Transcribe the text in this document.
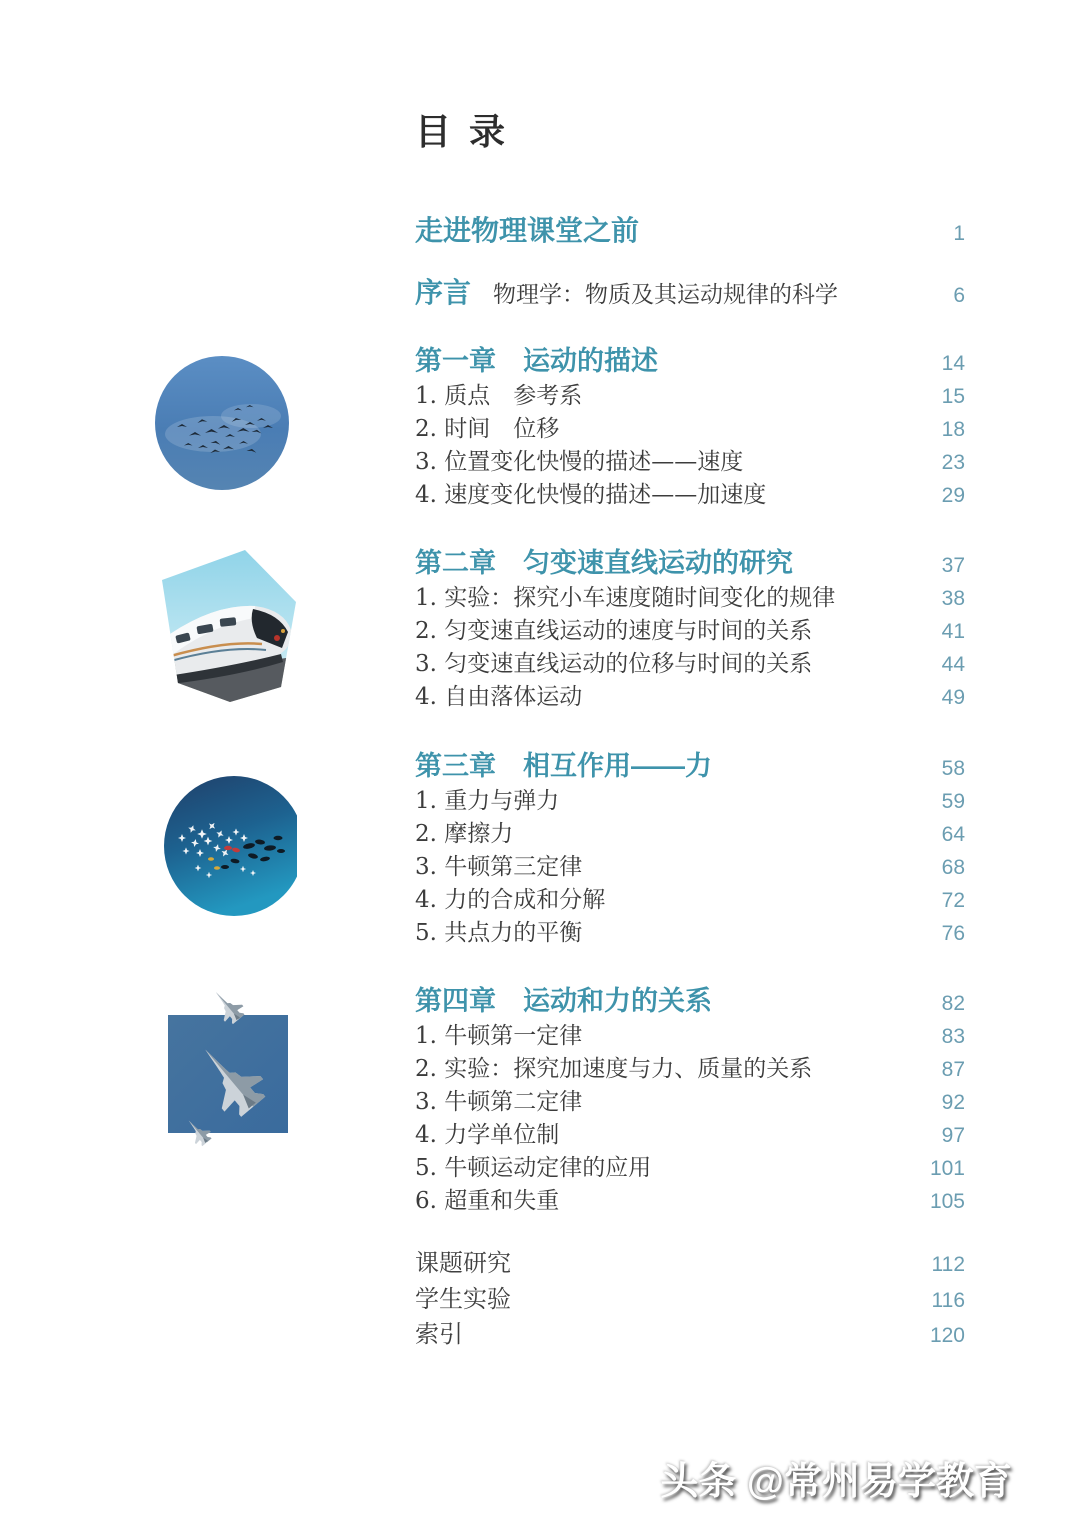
目 录
走进物理课堂之前	1
序言 物理学：物质及其运动规律的科学	6
第一章　运动的描述	14
1. 质点　参考系	15
2. 时间　位移	18
3. 位置变化快慢的描述——速度	23
4. 速度变化快慢的描述——加速度	29
第二章　匀变速直线运动的研究	37
1. 实验：探究小车速度随时间变化的规律	38
2. 匀变速直线运动的速度与时间的关系	41
3. 匀变速直线运动的位移与时间的关系	44
4. 自由落体运动	49
第三章　相互作用——力	58
1. 重力与弹力	59
2. 摩擦力	64
3. 牛顿第三定律	68
4. 力的合成和分解	72
5. 共点力的平衡	76
第四章　运动和力的关系	82
1. 牛顿第一定律	83
2. 实验：探究加速度与力、质量的关系	87
3. 牛顿第二定律	92
4. 力学单位制	97
5. 牛顿运动定律的应用	101
6. 超重和失重	105
课题研究	112
学生实验	116
索引	120
头条 @常州易学教育
